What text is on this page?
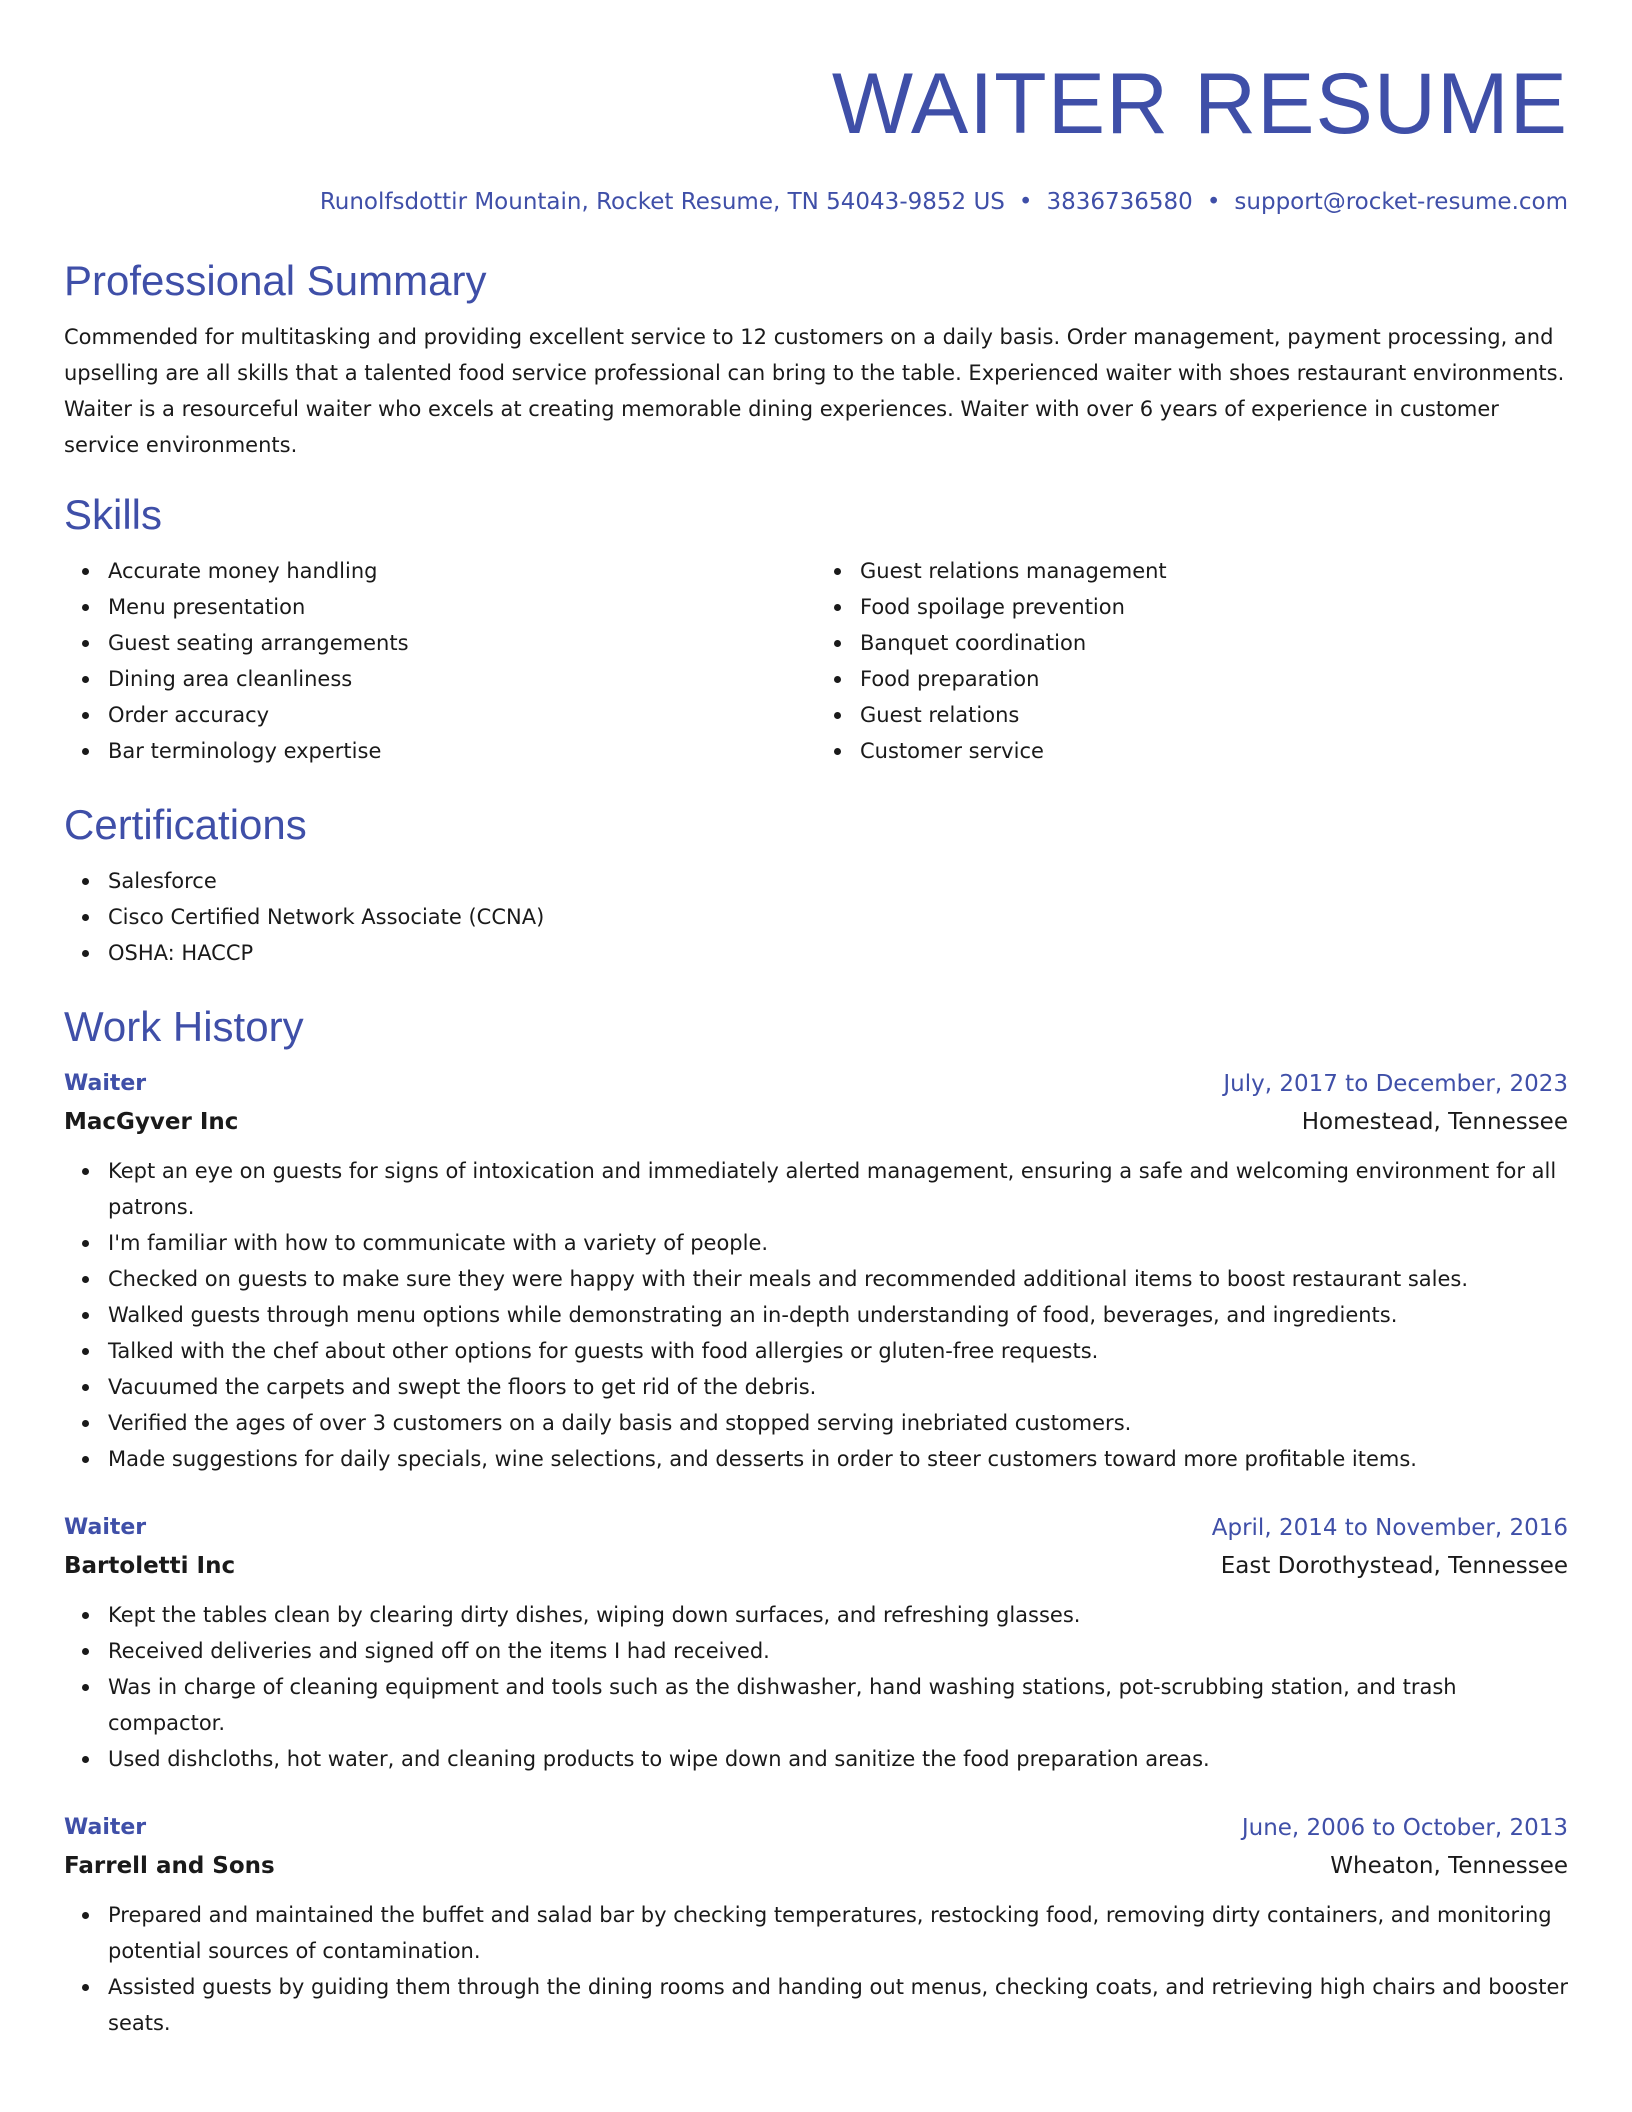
WAITER RESUME
Runolfsdottir Mountain, Rocket Resume, TN 54043-9852 US • 3836736580 • support@rocket-resume.com
Professional Summary

Commended for multitasking and providing excellent service to 12 customers on a daily basis. Order management, payment processing, and upselling are all skills that a talented food service professional can bring to the table. Experienced waiter with shoes restaurant environments. Waiter is a resourceful waiter who excels at creating memorable dining experiences. Waiter with over 6 years of experience in customer service environments.

Skills
Accurate money handling
Menu presentation
Guest seating arrangements
Dining area cleanliness
Order accuracy
Bar terminology expertise
Guest relations management
Food spoilage prevention
Banquet coordination
Food preparation
Guest relations
Customer service
Certifications
Salesforce
Cisco Certified Network Associate (CCNA)
OSHA: HACCP
Work History
Waiter	July, 2017 to December, 2023
MacGyver Inc	Homestead, Tennessee
Kept an eye on guests for signs of intoxication and immediately alerted management, ensuring a safe and welcoming environment for all patrons.
I'm familiar with how to communicate with a variety of people.
Checked on guests to make sure they were happy with their meals and recommended additional items to boost restaurant sales.
Walked guests through menu options while demonstrating an in-depth understanding of food, beverages, and ingredients.
Talked with the chef about other options for guests with food allergies or gluten-free requests.
Vacuumed the carpets and swept the floors to get rid of the debris.
Verified the ages of over 3 customers on a daily basis and stopped serving inebriated customers.
Made suggestions for daily specials, wine selections, and desserts in order to steer customers toward more profitable items.
Waiter	April, 2014 to November, 2016
Bartoletti Inc	East Dorothystead, Tennessee
Kept the tables clean by clearing dirty dishes, wiping down surfaces, and refreshing glasses.
Received deliveries and signed off on the items I had received.
Was in charge of cleaning equipment and tools such as the dishwasher, hand washing stations, pot-scrubbing station, and trash compactor.
Used dishcloths, hot water, and cleaning products to wipe down and sanitize the food preparation areas.
Waiter	June, 2006 to October, 2013
Farrell and Sons	Wheaton, Tennessee
Prepared and maintained the buffet and salad bar by checking temperatures, restocking food, removing dirty containers, and monitoring potential sources of contamination.
Assisted guests by guiding them through the dining rooms and handing out menus, checking coats, and retrieving high chairs and booster seats.
